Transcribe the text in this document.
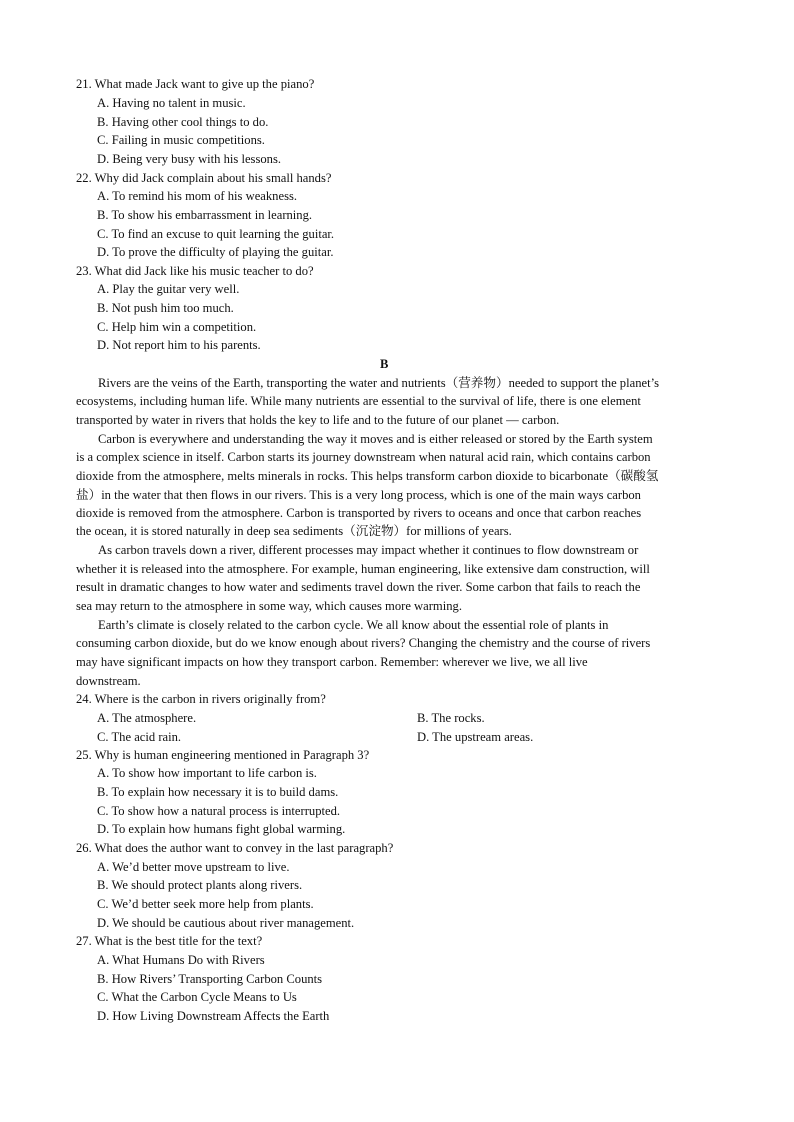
21. What made Jack want to give up the piano?
A. Having no talent in music.
B. Having other cool things to do.
C. Failing in music competitions.
D. Being very busy with his lessons.
22. Why did Jack complain about his small hands?
A. To remind his mom of his weakness.
B. To show his embarrassment in learning.
C. To find an excuse to quit learning the guitar.
D. To prove the difficulty of playing the guitar.
23. What did Jack like his music teacher to do?
A. Play the guitar very well.
B. Not push him too much.
C. Help him win a competition.
D. Not report him to his parents.
B
Rivers are the veins of the Earth, transporting the water and nutrients（营养物）needed to support the planet’s
ecosystems, including human life. While many nutrients are essential to the survival of life, there is one element
transported by water in rivers that holds the key to life and to the future of our planet — carbon.
Carbon is everywhere and understanding the way it moves and is either released or stored by the Earth system
is a complex science in itself. Carbon starts its journey downstream when natural acid rain, which contains carbon
dioxide from the atmosphere, melts minerals in rocks. This helps transform carbon dioxide to bicarbonate（碳酸氢
盐）in the water that then flows in our rivers. This is a very long process, which is one of the main ways carbon
dioxide is removed from the atmosphere. Carbon is transported by rivers to oceans and once that carbon reaches
the ocean, it is stored naturally in deep sea sediments（沉淀物）for millions of years.
As carbon travels down a river, different processes may impact whether it continues to flow downstream or
whether it is released into the atmosphere. For example, human engineering, like extensive dam construction, will
result in dramatic changes to how water and sediments travel down the river. Some carbon that fails to reach the
sea may return to the atmosphere in some way, which causes more warming.
Earth’s climate is closely related to the carbon cycle. We all know about the essential role of plants in
consuming carbon dioxide, but do we know enough about rivers? Changing the chemistry and the course of rivers
may have significant impacts on how they transport carbon. Remember: wherever we live, we all live
downstream.
24. Where is the carbon in rivers originally from?
A. The atmosphere.	B. The rocks.
C. The acid rain.	D. The upstream areas.
25. Why is human engineering mentioned in Paragraph 3?
A. To show how important to life carbon is.
B. To explain how necessary it is to build dams.
C. To show how a natural process is interrupted.
D. To explain how humans fight global warming.
26. What does the author want to convey in the last paragraph?
A. We’d better move upstream to live.
B. We should protect plants along rivers.
C. We’d better seek more help from plants.
D. We should be cautious about river management.
27. What is the best title for the text?
A. What Humans Do with Rivers
B. How Rivers’ Transporting Carbon Counts
C. What the Carbon Cycle Means to Us
D. How Living Downstream Affects the Earth
